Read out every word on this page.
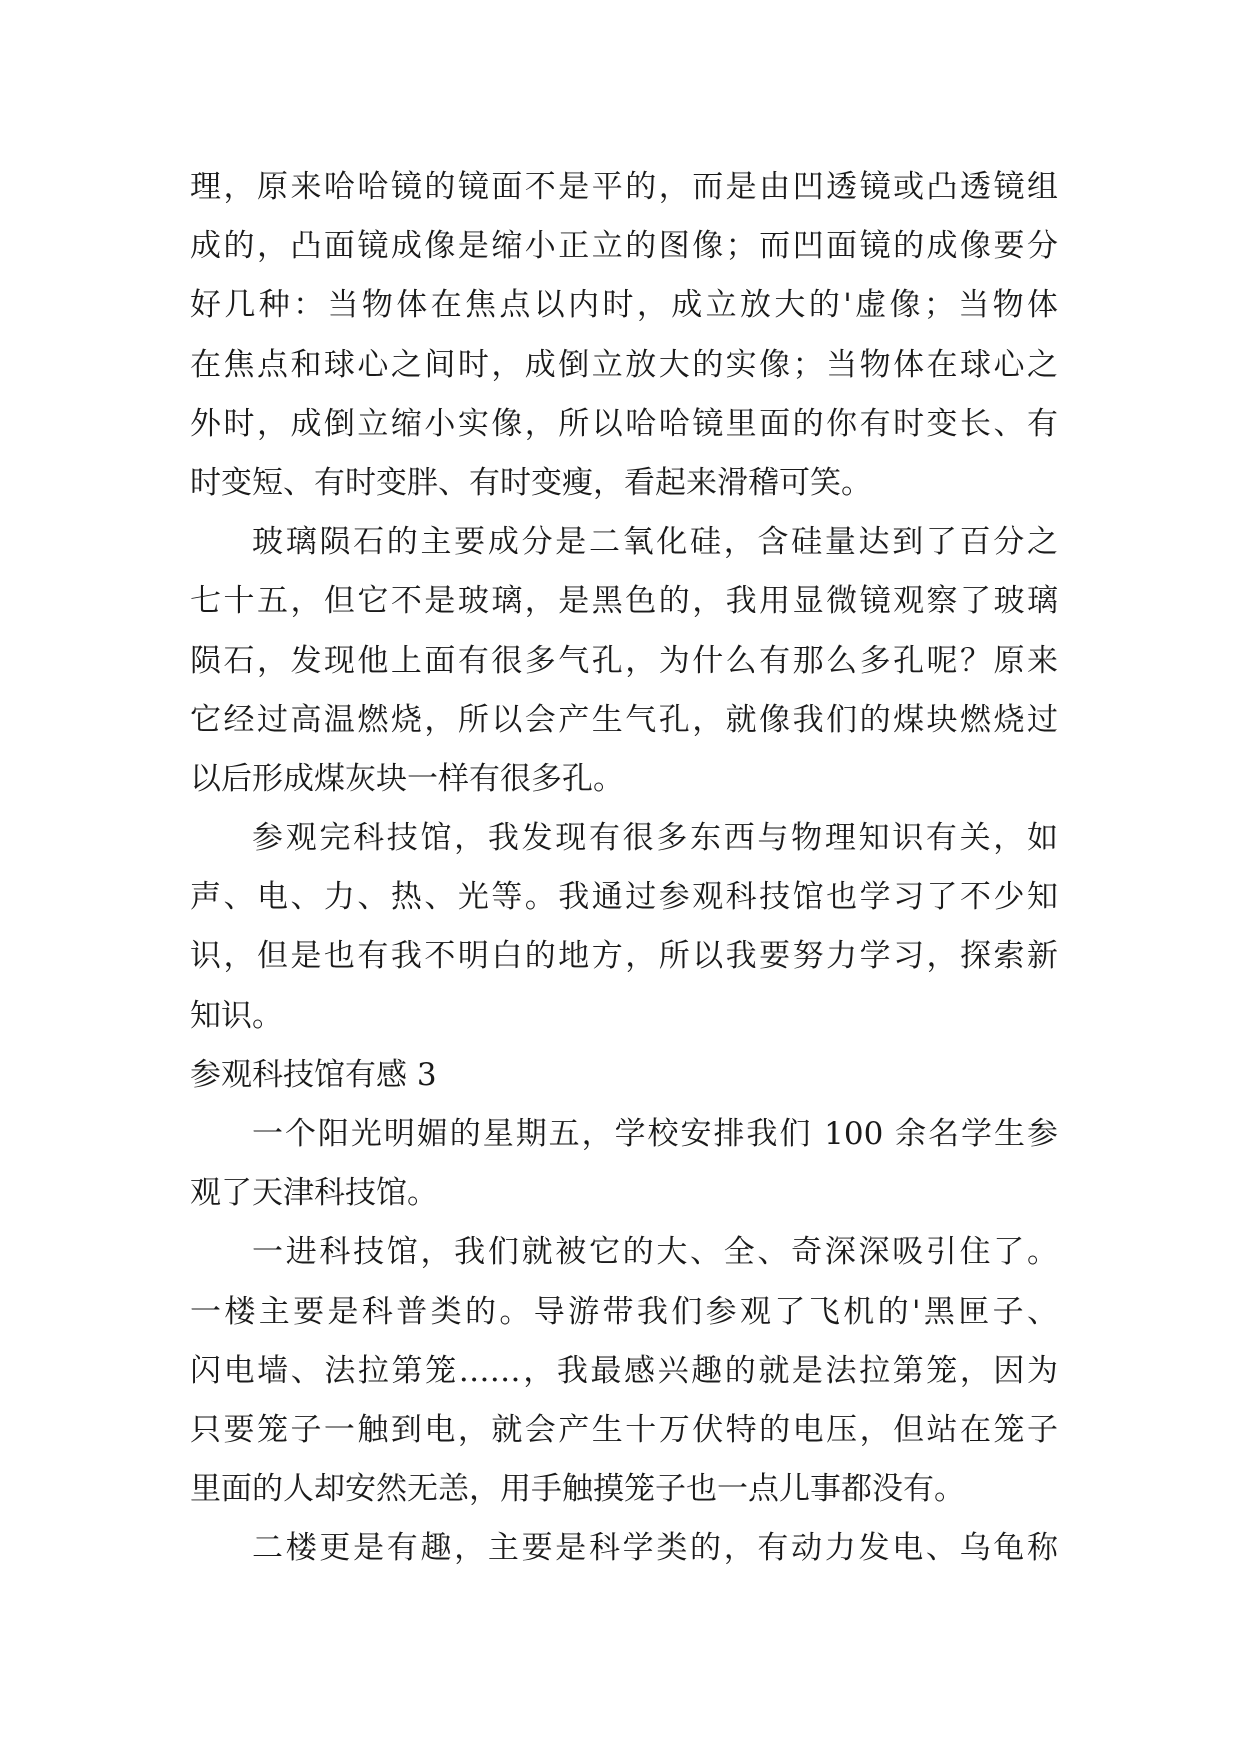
理，原来哈哈镜的镜面不是平的，而是由凹透镜或凸透镜组
成的，凸面镜成像是缩小正立的图像；而凹面镜的成像要分
好几种：当物体在焦点以内时，成立放大的'虚像；当物体
在焦点和球心之间时，成倒立放大的实像；当物体在球心之
外时，成倒立缩小实像，所以哈哈镜里面的你有时变长、有
时变短、有时变胖、有时变瘦，看起来滑稽可笑。
玻璃陨石的主要成分是二氧化硅，含硅量达到了百分之
七十五，但它不是玻璃，是黑色的，我用显微镜观察了玻璃
陨石，发现他上面有很多气孔，为什么有那么多孔呢？原来
它经过高温燃烧，所以会产生气孔，就像我们的煤块燃烧过
以后形成煤灰块一样有很多孔。
参观完科技馆，我发现有很多东西与物理知识有关，如
声、电、力、热、光等。我通过参观科技馆也学习了不少知
识，但是也有我不明白的地方，所以我要努力学习，探索新
知识。
参观科技馆有感 3
一个阳光明媚的星期五，学校安排我们 100 余名学生参
观了天津科技馆。
一进科技馆，我们就被它的大、全、奇深深吸引住了。
一楼主要是科普类的。导游带我们参观了飞机的'黑匣子、
闪电墙、法拉第笼……，我最感兴趣的就是法拉第笼，因为
只要笼子一触到电，就会产生十万伏特的电压，但站在笼子
里面的人却安然无恙，用手触摸笼子也一点儿事都没有。
二楼更是有趣，主要是科学类的，有动力发电、乌龟称
